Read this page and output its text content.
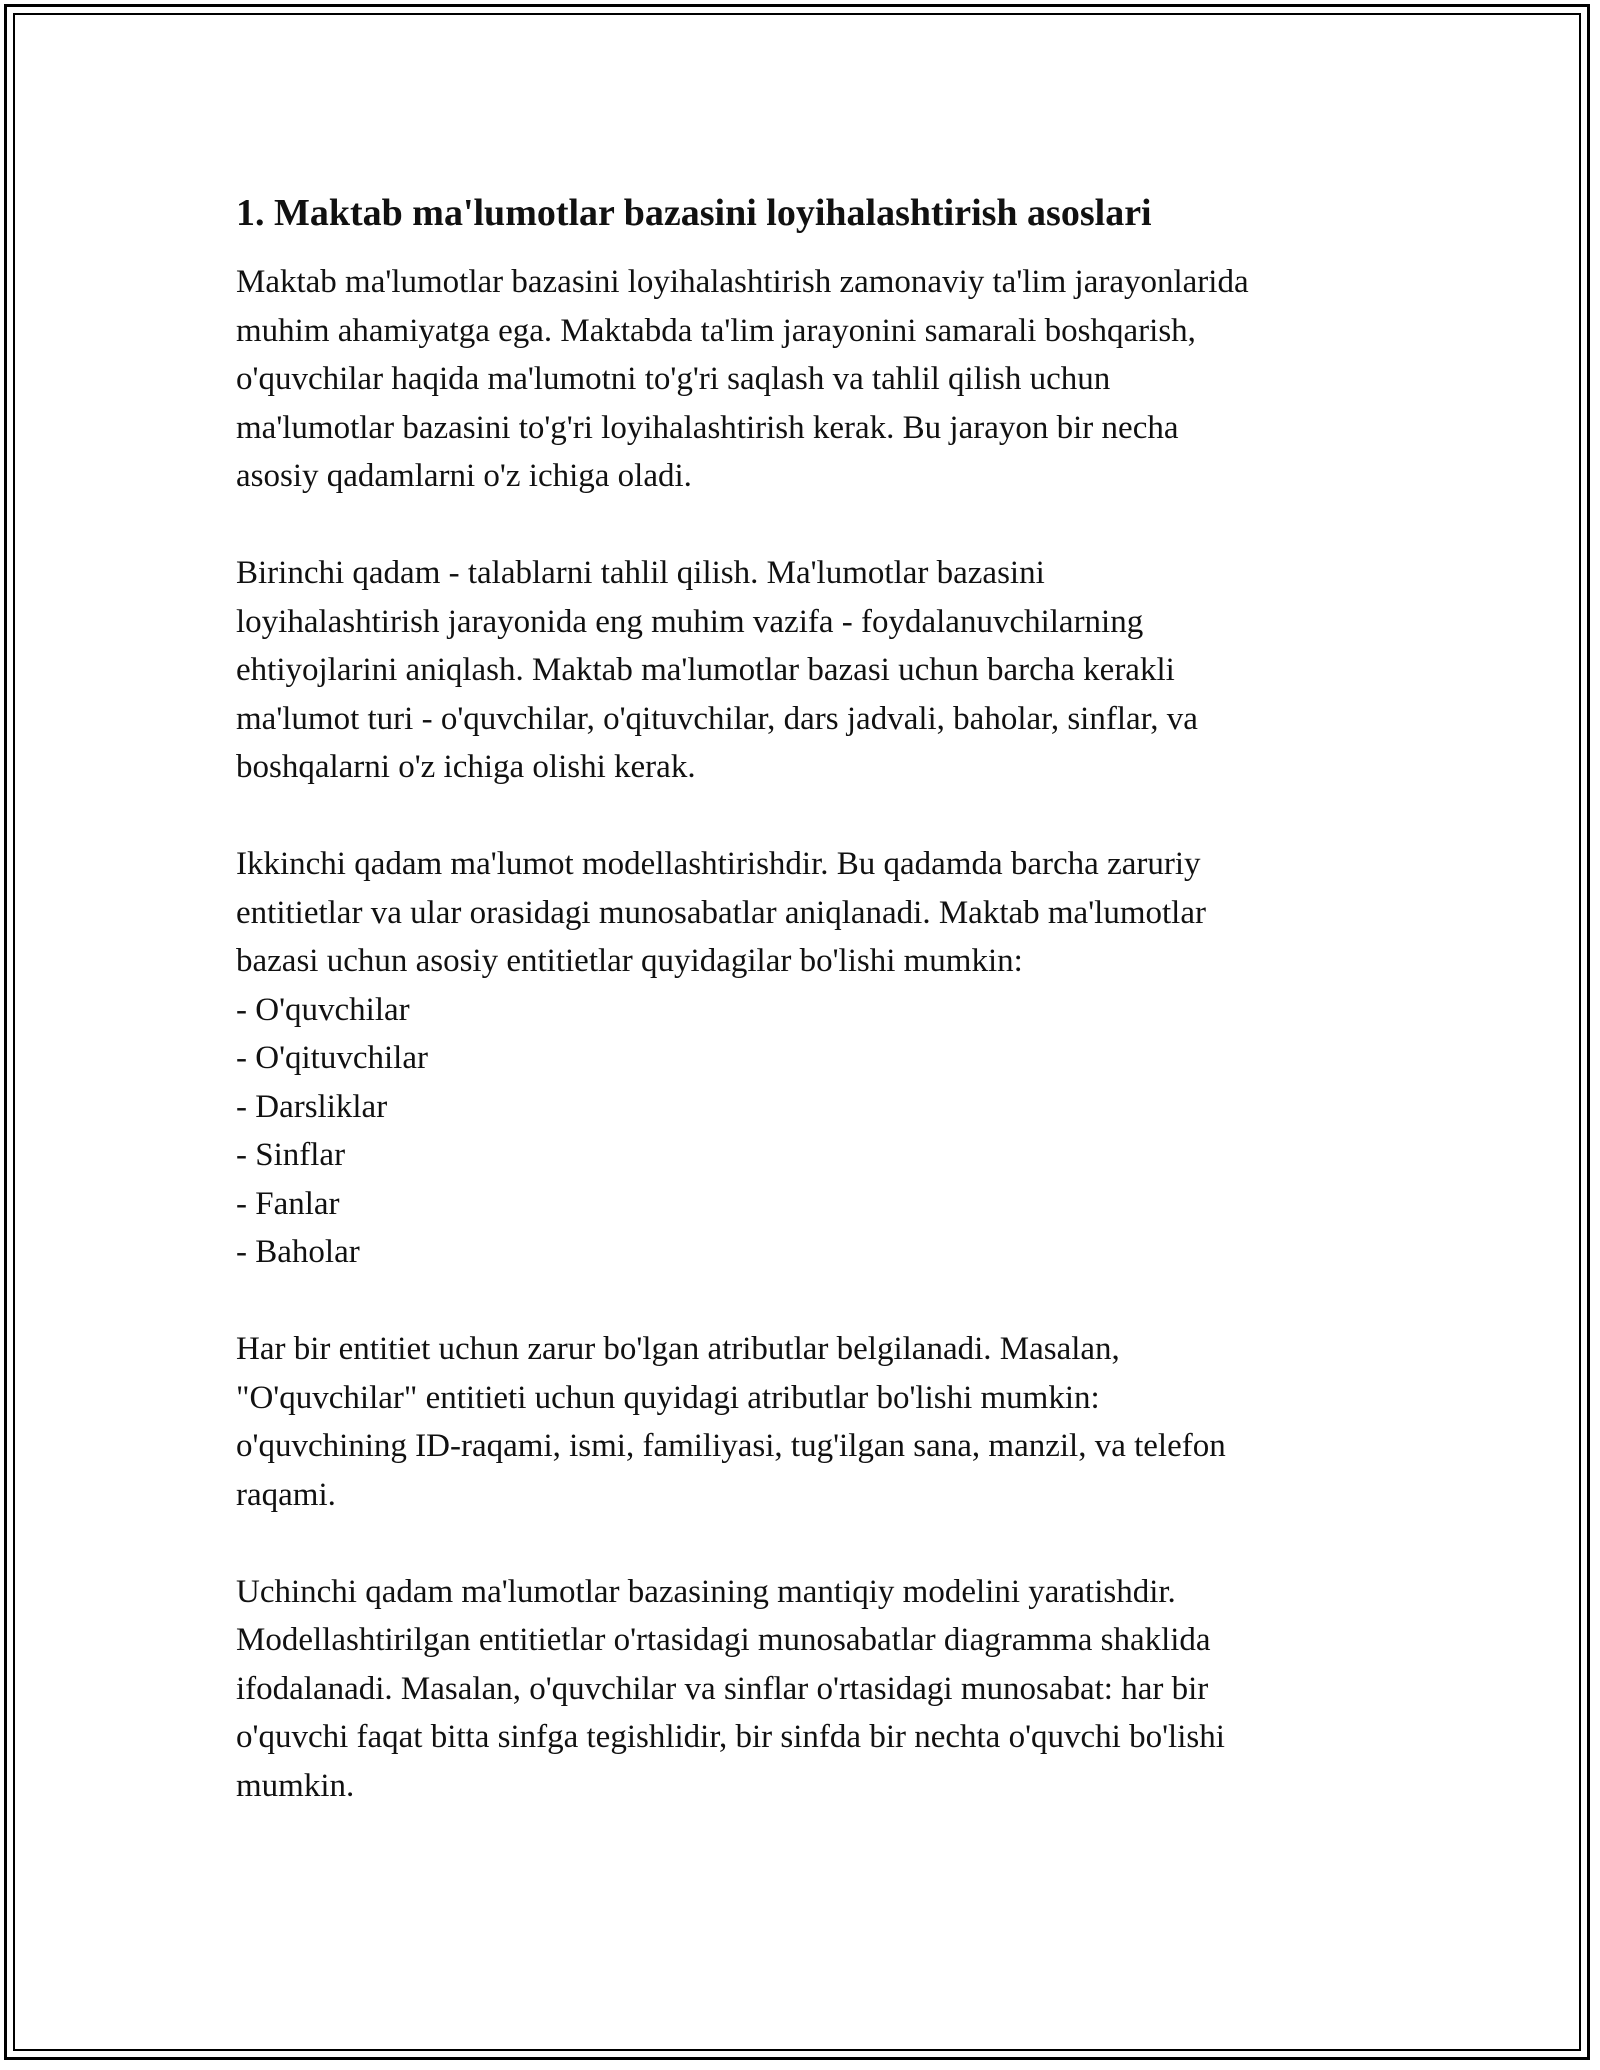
1. Maktab ma'lumotlar bazasini loyihalashtirish asoslari

Maktab ma'lumotlar bazasini loyihalashtirish zamonaviy ta'lim jarayonlarida
muhim ahamiyatga ega. Maktabda ta'lim jarayonini samarali boshqarish,
o'quvchilar haqida ma'lumotni to'g'ri saqlash va tahlil qilish uchun
ma'lumotlar bazasini to'g'ri loyihalashtirish kerak. Bu jarayon bir necha
asosiy qadamlarni o'z ichiga oladi.

Birinchi qadam - talablarni tahlil qilish. Ma'lumotlar bazasini
loyihalashtirish jarayonida eng muhim vazifa - foydalanuvchilarning
ehtiyojlarini aniqlash. Maktab ma'lumotlar bazasi uchun barcha kerakli
ma'lumot turi - o'quvchilar, o'qituvchilar, dars jadvali, baholar, sinflar, va
boshqalarni o'z ichiga olishi kerak.

Ikkinchi qadam ma'lumot modellashtirishdir. Bu qadamda barcha zaruriy
entitietlar va ular orasidagi munosabatlar aniqlanadi. Maktab ma'lumotlar
bazasi uchun asosiy entitietlar quyidagilar bo'lishi mumkin:
- O'quvchilar
- O'qituvchilar
- Darsliklar
- Sinflar
- Fanlar
- Baholar

Har bir entitiet uchun zarur bo'lgan atributlar belgilanadi. Masalan,
"O'quvchilar" entitieti uchun quyidagi atributlar bo'lishi mumkin:
o'quvchining ID-raqami, ismi, familiyasi, tug'ilgan sana, manzil, va telefon
raqami.

Uchinchi qadam ma'lumotlar bazasining mantiqiy modelini yaratishdir.
Modellashtirilgan entitietlar o'rtasidagi munosabatlar diagramma shaklida
ifodalanadi. Masalan, o'quvchilar va sinflar o'rtasidagi munosabat: har bir
o'quvchi faqat bitta sinfga tegishlidir, bir sinfda bir nechta o'quvchi bo'lishi
mumkin.
